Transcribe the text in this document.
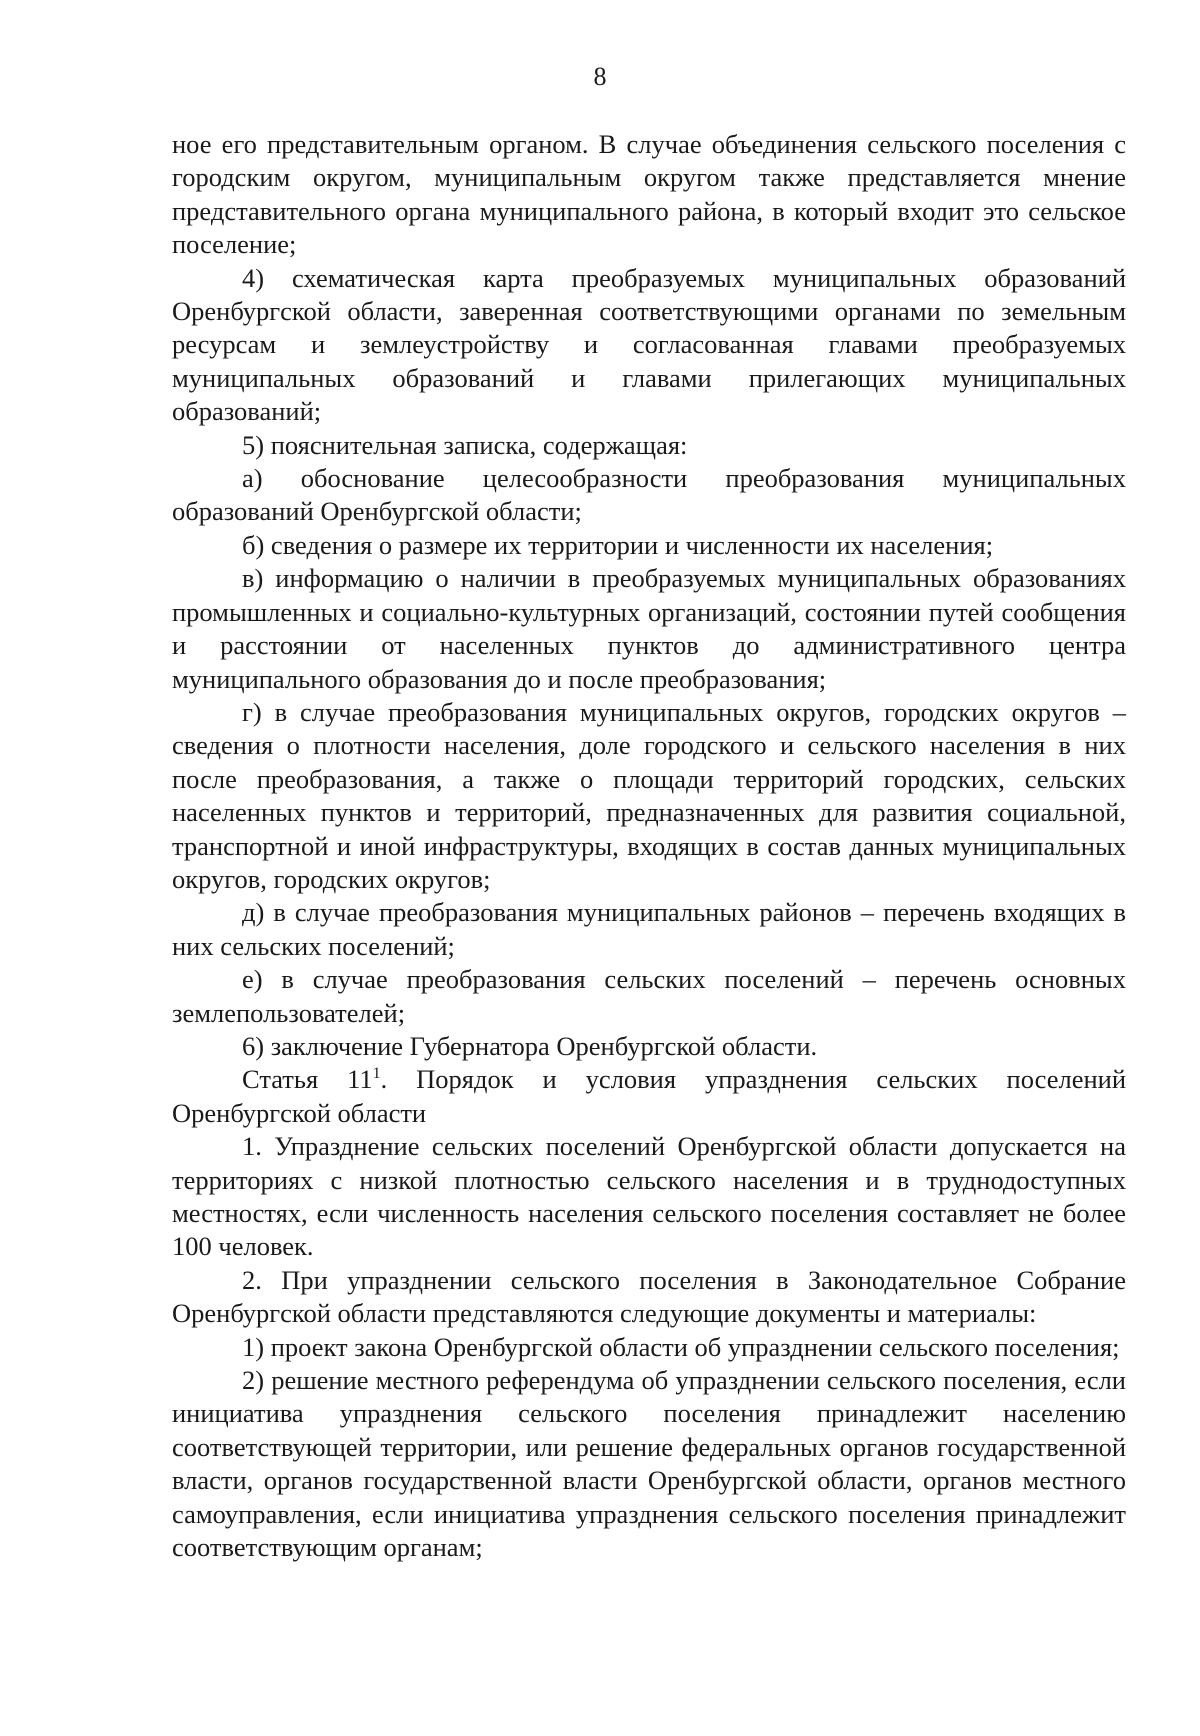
8

ное его представительным органом. В случае объединения сельского поселения с городским округом, муниципальным округом также представляется мнение представительного органа муниципального района, в который входит это сельское поселение;

4) схематическая карта преобразуемых муниципальных образований Оренбургской области, заверенная соответствующими органами по земельным ресурсам и землеустройству и согласованная главами преобразуемых муниципальных образований и главами прилегающих муниципальных образований;

5) пояснительная записка, содержащая:

а) обоснование целесообразности преобразования муниципальных образований Оренбургской области;

б) сведения о размере их территории и численности их населения;

в) информацию о наличии в преобразуемых муниципальных образованиях промышленных и социально-культурных организаций, состоянии путей сообщения и расстоянии от населенных пунктов до административного центра муниципального образования до и после преобразования;

г) в случае преобразования муниципальных округов, городских округов – сведения о плотности населения, доле городского и сельского населения в них после преобразования, а также о площади территорий городских, сельских населенных пунктов и территорий, предназначенных для развития социальной, транспортной и иной инфраструктуры, входящих в состав данных муниципальных округов, городских округов;

д) в случае преобразования муниципальных районов – перечень входящих в них сельских поселений;

е) в случае преобразования сельских поселений – перечень основных землепользователей;

6) заключение Губернатора Оренбургской области.

Статья $11^1$. Порядок и условия упразднения сельских поселений Оренбургской области

1. Упразднение сельских поселений Оренбургской области допускается на территориях с низкой плотностью сельского населения и в труднодоступных местностях, если численность населения сельского поселения составляет не более 100 человек.

2. При упразднении сельского поселения в Законодательное Собрание Оренбургской области представляются следующие документы и материалы:

1) проект закона Оренбургской области об упразднении сельского поселения;

2) решение местного референдума об упразднении сельского поселения, если инициатива упразднения сельского поселения принадлежит населению соответствующей территории, или решение федеральных органов государственной власти, органов государственной власти Оренбургской области, органов местного самоуправления, если инициатива упразднения сельского поселения принадлежит соответствующим органам;
